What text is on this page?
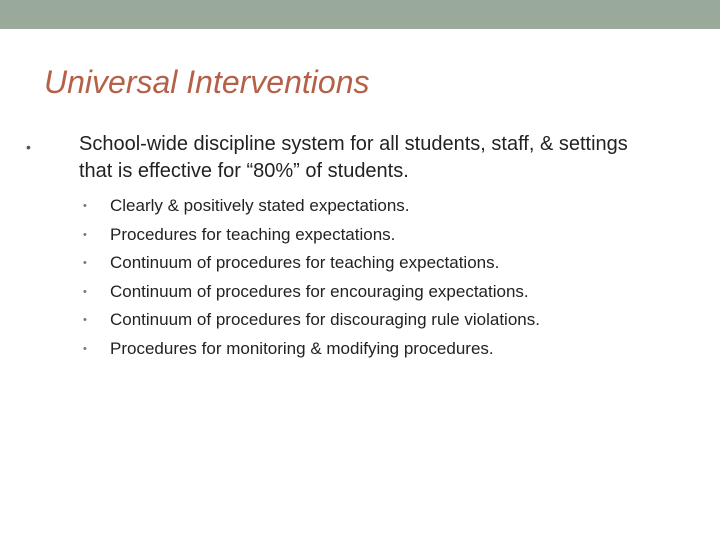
Universal Interventions
• School-wide discipline system for all students, staff, & settings that is effective for “80%” of students.
• Clearly & positively stated expectations.
• Procedures for teaching expectations.
• Continuum of procedures for teaching expectations.
• Continuum of procedures for encouraging expectations.
• Continuum of procedures for discouraging rule violations.
• Procedures for monitoring & modifying procedures.
